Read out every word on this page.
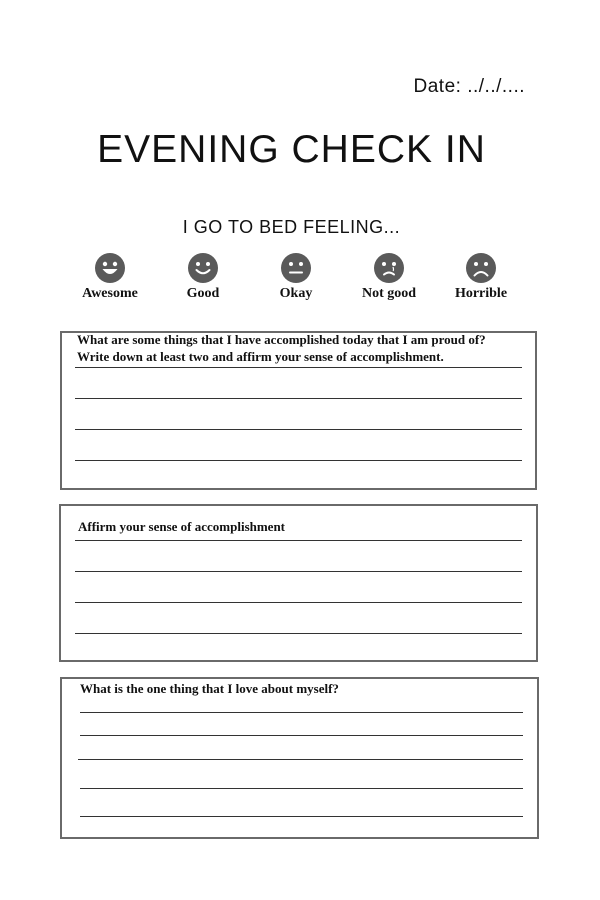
Date: ../../....
EVENING CHECK IN
I GO TO BED FEELING...
Awesome	Good	Okay	Not good	Horrible
What are some things that I have accomplished today that I am proud of? Write down at least two and affirm your sense of accomplishment.
Affirm your sense of accomplishment
What is the one thing that I love about myself?
